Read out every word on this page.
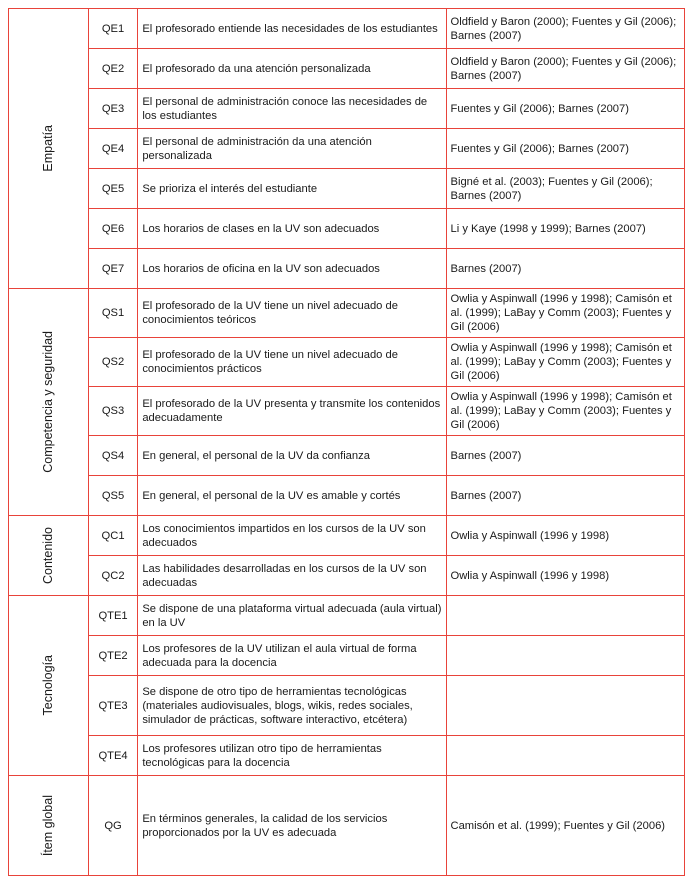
Empatía	QE1	El profesorado entiende las necesidades de los estudiantes	Oldfield y Baron (2000); Fuentes y Gil (2006); Barnes (2007)
	QE2	El profesorado da una atención personalizada	Oldfield y Baron (2000); Fuentes y Gil (2006); Barnes (2007)
	QE3	El personal de administración conoce las necesidades de los estudiantes	Fuentes y Gil (2006); Barnes (2007)
	QE4	El personal de administración da una atención personalizada	Fuentes y Gil (2006); Barnes (2007)
	QE5	Se prioriza el interés del estudiante	Bigné et al. (2003); Fuentes y Gil (2006); Barnes (2007)
	QE6	Los horarios de clases en la UV son adecuados	Li y Kaye (1998 y 1999); Barnes (2007)
	QE7	Los horarios de oficina en la UV son adecuados	Barnes (2007)

Competencia y seguridad	QS1	El profesorado de la UV tiene un nivel adecuado de conocimientos teóricos	Owlia y Aspinwall (1996 y 1998); Camisón et al. (1999); LaBay y Comm (2003); Fuentes y Gil (2006)
	QS2	El profesorado de la UV tiene un nivel adecuado de conocimientos prácticos	Owlia y Aspinwall (1996 y 1998); Camisón et al. (1999); LaBay y Comm (2003); Fuentes y Gil (2006)
	QS3	El profesorado de la UV presenta y transmite los contenidos adecuadamente	Owlia y Aspinwall (1996 y 1998); Camisón et al. (1999); LaBay y Comm (2003); Fuentes y Gil (2006)
	QS4	En general, el personal de la UV da confianza	Barnes (2007)
	QS5	En general, el personal de la UV es amable y cortés	Barnes (2007)

Contenido	QC1	Los conocimientos impartidos en los cursos de la UV son adecuados	Owlia y Aspinwall (1996 y 1998)
	QC2	Las habilidades desarrolladas en los cursos de la UV son adecuadas	Owlia y Aspinwall (1996 y 1998)

Tecnología	QTE1	Se dispone de una plataforma virtual adecuada (aula virtual) en la UV	
	QTE2	Los profesores de la UV utilizan el aula virtual de forma adecuada para la docencia	
	QTE3	Se dispone de otro tipo de herramientas tecnológicas (materiales audiovisuales, blogs, wikis, redes sociales, simulador de prácticas, software interactivo, etcétera)	
	QTE4	Los profesores utilizan otro tipo de herramientas tecnológicas para la docencia	

Ítem global	QG	En términos generales, la calidad de los servicios proporcionados por la UV es adecuada	Camisón et al. (1999); Fuentes y Gil (2006)
